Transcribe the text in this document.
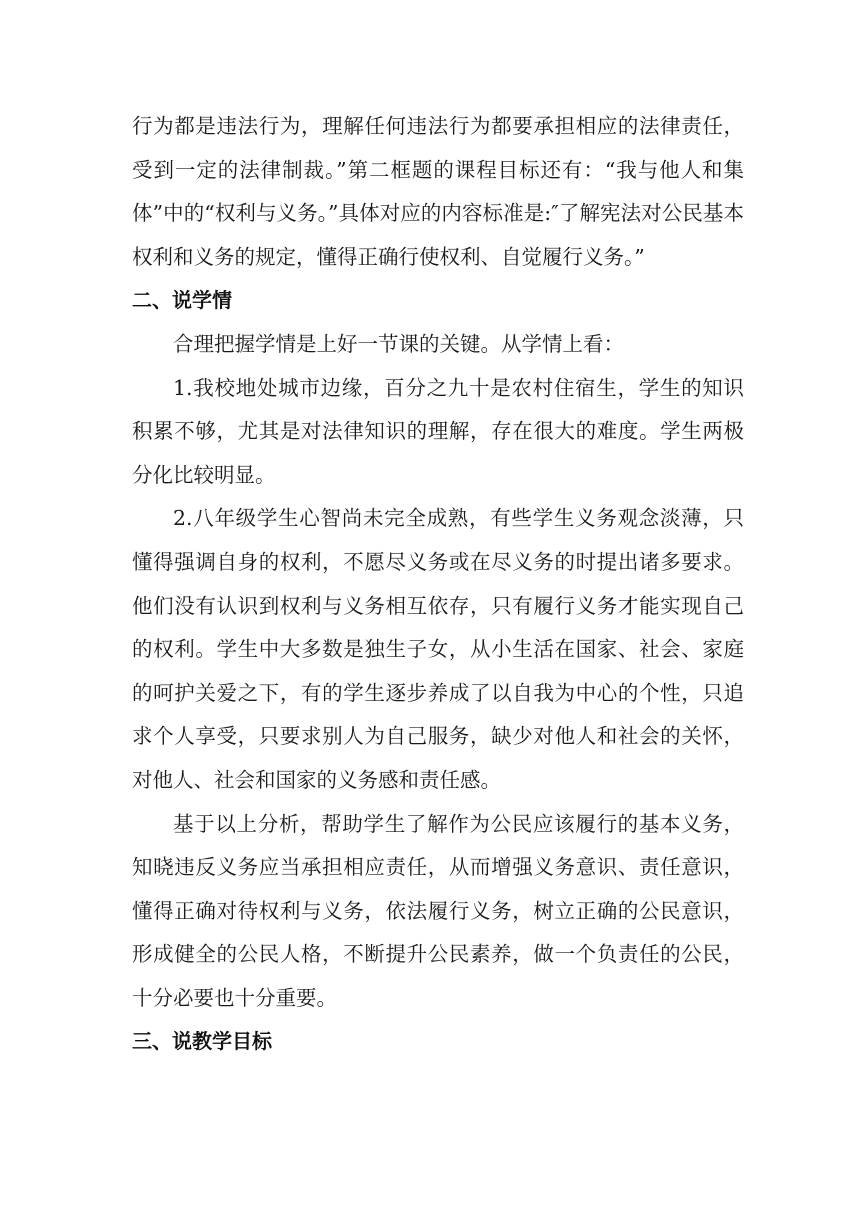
行为都是违法行为，理解任何违法行为都要承担相应的法律责任，受到一定的法律制裁。”第二框题的课程目标还有：“我与他人和集体”中的“权利与义务。”具体对应的内容标准是:″了解宪法对公民基本权利和义务的规定，懂得正确行使权利、自觉履行义务。”

二、说学情

合理把握学情是上好一节课的关键。从学情上看：

1.我校地处城市边缘，百分之九十是农村住宿生，学生的知识积累不够，尤其是对法律知识的理解，存在很大的难度。学生两极分化比较明显。

2.八年级学生心智尚未完全成熟，有些学生义务观念淡薄，只懂得强调自身的权利，不愿尽义务或在尽义务的时提出诸多要求。他们没有认识到权利与义务相互依存，只有履行义务才能实现自己的权利。学生中大多数是独生子女，从小生活在国家、社会、家庭的呵护关爱之下，有的学生逐步养成了以自我为中心的个性，只追求个人享受，只要求别人为自己服务，缺少对他人和社会的关怀，对他人、社会和国家的义务感和责任感。

基于以上分析，帮助学生了解作为公民应该履行的基本义务，知晓违反义务应当承担相应责任，从而增强义务意识、责任意识，懂得正确对待权利与义务，依法履行义务，树立正确的公民意识，形成健全的公民人格，不断提升公民素养，做一个负责任的公民，十分必要也十分重要。

三、说教学目标
